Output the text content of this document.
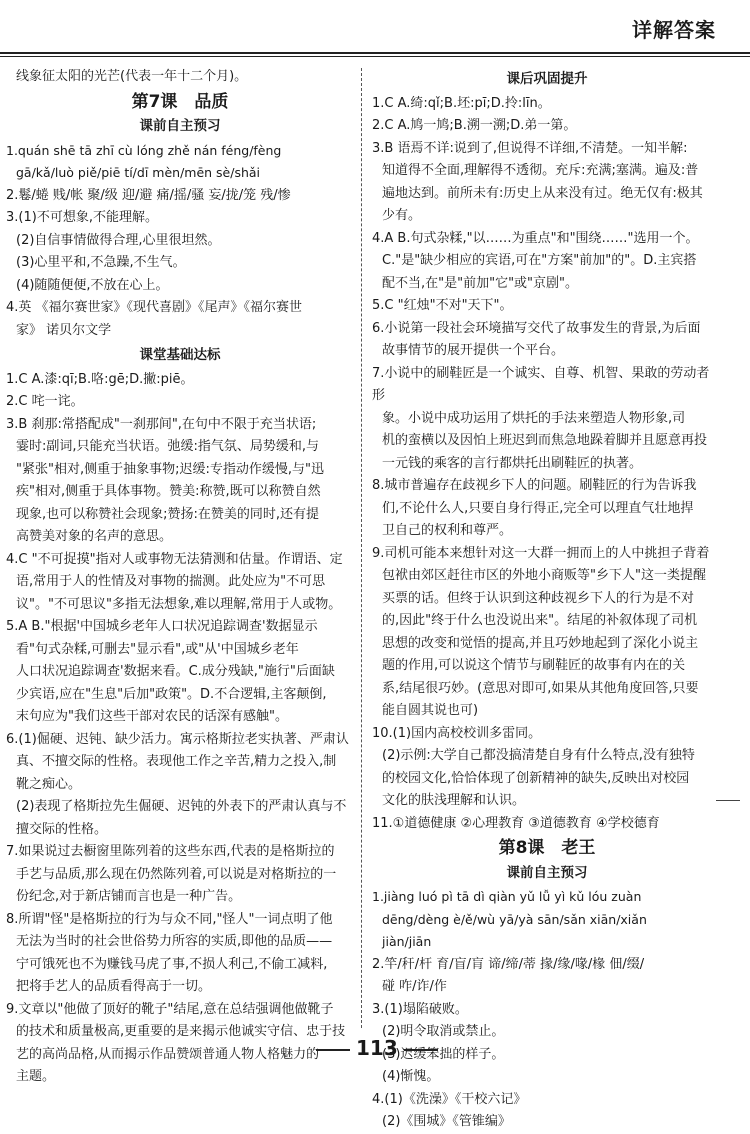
详解答案
线象征太阳的光芒(代表一年十二个月)。
第7课　品质
课前自主预习
1.quán shē tā zhī cù lóng zhě nán féng/fèng
gā/kǎ/luò piě/piē tí/dī mèn/mēn sè/shǎi
2.鬈/蜷 贱/帐 聚/级 迎/避 痛/摇/骚 妄/拢/笼 残/惨
3.(1)不可想象,不能理解。
(2)自信事情做得合理,心里很坦然。
(3)心里平和,不急躁,不生气。
(4)随随便便,不放在心上。
4.英 《福尔赛世家》《现代喜剧》《尾声》《福尔赛世
家》 诺贝尔文学
课堂基础达标
1.C A.漆:qī;B.咯:gē;D.撇:piē。
2.C 咤一诧。
3.B 刹那:常搭配成"一刹那间",在句中不限于充当状语;
霎时:副词,只能充当状语。弛缓:指气氛、局势缓和,与
"紧张"相对,侧重于抽象事物;迟缓:专指动作缓慢,与"迅
疾"相对,侧重于具体事物。赞美:称赞,既可以称赞自然
现象,也可以称赞社会现象;赞扬:在赞美的同时,还有提
高赞美对象的名声的意思。
4.C "不可捉摸"指对人或事物无法猜测和估量。作谓语、定
语,常用于人的性情及对事物的揣测。此处应为"不可思
议"。"不可思议"多指无法想象,难以理解,常用于人或物。
5.A B."根据'中国城乡老年人口状况追踪调查'数据显示
看"句式杂糅,可删去"显示看",或"从'中国城乡老年
人口状况追踪调查'数据来看。C.成分残缺,"施行"后面缺
少宾语,应在"生息"后加"政策"。D.不合逻辑,主客颠倒,
末句应为"我们这些干部对农民的话深有感触"。
6.(1)倔硬、迟钝、缺少活力。寓示格斯拉老实执著、严肃认
真、不擅交际的性格。表现他工作之辛苦,精力之投入,制
靴之痴心。
(2)表现了格斯拉先生倔硬、迟钝的外表下的严肃认真与不
擅交际的性格。
7.如果说过去橱窗里陈列着的这些东西,代表的是格斯拉的
手艺与品质,那么现在仍然陈列着,可以说是对格斯拉的一
份纪念,对于新店铺而言也是一种广告。
8.所谓"怪"是格斯拉的行为与众不同,"怪人"一词点明了他
无法为当时的社会世俗势力所容的实质,即他的品质——
宁可饿死也不为赚钱马虎了事,不损人利己,不偷工减料,
把将手艺人的品质看得高于一切。
9.文章以"他做了顶好的靴子"结尾,意在总结强调他做靴子
的技术和质量极高,更重要的是来揭示他诚实守信、忠于技
艺的高尚品格,从而揭示作品赞颂普通人物人格魅力的
主题。
课后巩固提升
1.C A.绮:qǐ;B.坯:pī;D.拎:līn。
2.C A.鸠一鸠;B.溯一溯;D.弟一第。
3.B 语焉不详:说到了,但说得不详细,不清楚。一知半解:
知道得不全面,理解得不透彻。充斥:充满;塞满。遍及:普
遍地达到。前所未有:历史上从来没有过。绝无仅有:极其
少有。
4.A B.句式杂糅,"以……为重点"和"围绕……"选用一个。
C."是"缺少相应的宾语,可在"方案"前加"的"。D.主宾搭
配不当,在"是"前加"它"或"京剧"。
5.C "红烛"不对"天下"。
6.小说第一段社会环境描写交代了故事发生的背景,为后面
故事情节的展开提供一个平台。
7.小说中的刷鞋匠是一个诚实、自尊、机智、果敢的劳动者形
象。小说中成功运用了烘托的手法来塑造人物形象,司
机的蛮横以及因怕上班迟到而焦急地跺着脚并且愿意再投
一元钱的乘客的言行都烘托出刷鞋匠的执著。
8.城市普遍存在歧视乡下人的问题。刷鞋匠的行为告诉我
们,不论什么人,只要自身行得正,完全可以理直气壮地捍
卫自己的权利和尊严。
9.司机可能本来想针对这一大群一拥而上的人中挑担子背着
包袱由郊区赶往市区的外地小商贩等"乡下人"这一类提醒
买票的话。但终于认识到这种歧视乡下人的行为是不对
的,因此"终于什么也没说出来"。结尾的补叙体现了司机
思想的改变和觉悟的提高,并且巧妙地起到了深化小说主
题的作用,可以说这个情节与刷鞋匠的故事有内在的关
系,结尾很巧妙。(意思对即可,如果从其他角度回答,只要
能自圆其说也可)
10.(1)国内高校校训多雷同。
(2)示例:大学自己都没搞清楚自身有什么特点,没有独特
的校园文化,恰恰体现了创新精神的缺失,反映出对校园
文化的肤浅理解和认识。
11.①道德健康 ②心理教育 ③道德教育 ④学校德育
第8课　老王
课前自主预习
1.jiàng luó pì tā dì qiàn yǔ lǚ yì kǔ lóu zuàn
dēng/dèng è/ě/wù yā/yà sān/sǎn xiān/xiǎn
jiàn/jiān
2.竿/秆/杆 育/盲/肓 谛/缔/蒂 掾/缘/喙/椽 佃/缀/
碰 咋/诈/作
3.(1)塌陷破败。
(2)明令取消或禁止。
(3)迟缓笨拙的样子。
(4)惭愧。
4.(1)《洗澡》《干校六记》
(2)《围城》《管锥编》
113
